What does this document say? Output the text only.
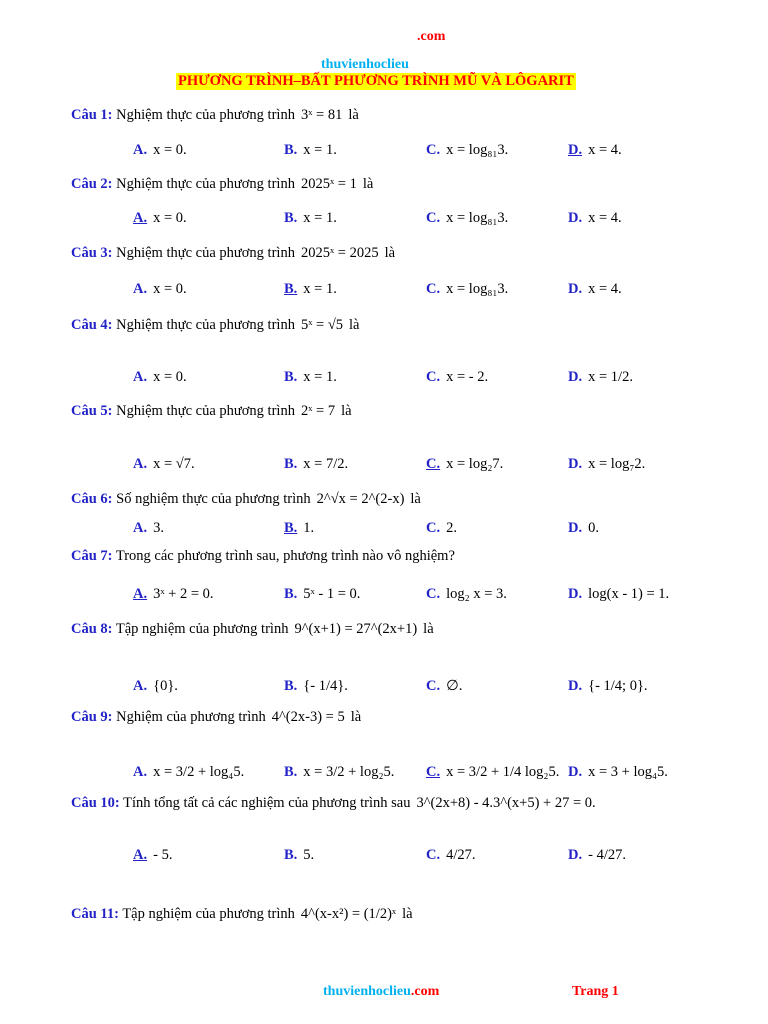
.com
thuvienhoclieu
PHƯƠNG TRÌNH–BẤT PHƯƠNG TRÌNH MŨ VÀ LÔGARIT
Câu 1: Nghiệm thực của phương trình 3ˣ = 81 là
A. x = 0.	B. x = 1.	C. x = log₈₁3.	D. x = 4.
Câu 2: Nghiệm thực của phương trình 2025ˣ = 1 là
A. x = 0.	B. x = 1.	C. x = log₈₁3.	D. x = 4.
Câu 3: Nghiệm thực của phương trình 2025ˣ = 2025 là
A. x = 0.	B. x = 1.	C. x = log₈₁3.	D. x = 4.
Câu 4: Nghiệm thực của phương trình 5ˣ = √5 là
A. x = 0.	B. x = 1.	C. x = - 2.	D. x = 1/2.
Câu 5: Nghiệm thực của phương trình 2ˣ = 7 là
A. x = √7.	B. x = 7/2.	C. x = log₂7.	D. x = log₇2.
Câu 6: Số nghiệm thực của phương trình 2^√x = 2^(2-x) là
A. 3.	B. 1.	C. 2.	D. 0.
Câu 7: Trong các phương trình sau, phương trình nào vô nghiệm?
A. 3ˣ + 2 = 0.	B. 5ˣ - 1 = 0.	C. log₂ x = 3.	D. log(x - 1) = 1.
Câu 8: Tập nghiệm của phương trình 9^(x+1) = 27^(2x+1) là
A. {0}.	B. {- 1/4}.	C. ∅.	D. {- 1/4; 0}.
Câu 9: Nghiệm của phương trình 4^(2x-3) = 5 là
A. x = 3/2 + log₄5.	B. x = 3/2 + log₂5. C. x = 3/2 + 1/4 log₂5. D. x = 3 + log₄5.
Câu 10: Tính tổng tất cả các nghiệm của phương trình sau 3^(2x+8) - 4.3^(x+5) + 27 = 0.
A. - 5.	B. 5.	C. 4/27.	D. - 4/27.
Câu 11: Tập nghiệm của phương trình 4^(x-x²) = (1/2)ˣ là
thuvienhoclieu.com	Trang 1
